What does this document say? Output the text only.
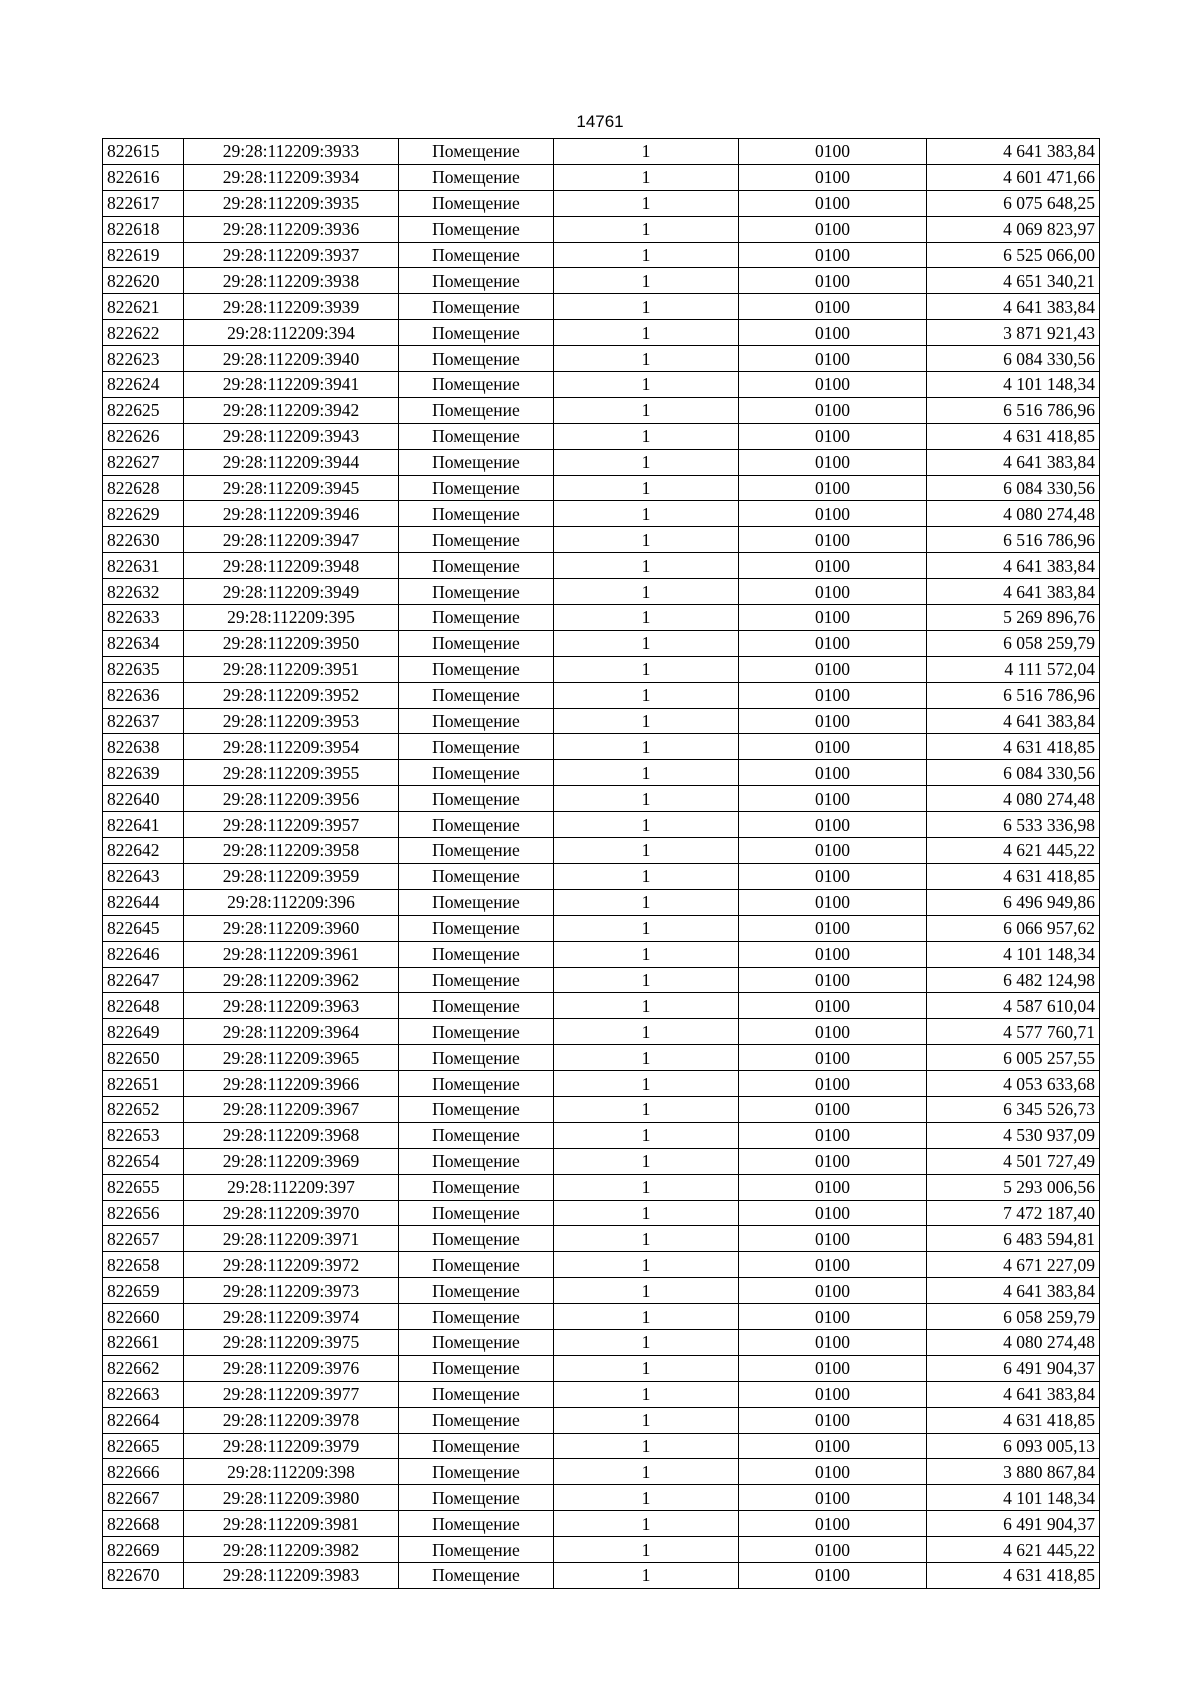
14761
822615	29:28:112209:3933	Помещение	1	0100	4 641 383,84
822616	29:28:112209:3934	Помещение	1	0100	4 601 471,66
822617	29:28:112209:3935	Помещение	1	0100	6 075 648,25
822618	29:28:112209:3936	Помещение	1	0100	4 069 823,97
822619	29:28:112209:3937	Помещение	1	0100	6 525 066,00
822620	29:28:112209:3938	Помещение	1	0100	4 651 340,21
822621	29:28:112209:3939	Помещение	1	0100	4 641 383,84
822622	29:28:112209:394	Помещение	1	0100	3 871 921,43
822623	29:28:112209:3940	Помещение	1	0100	6 084 330,56
822624	29:28:112209:3941	Помещение	1	0100	4 101 148,34
822625	29:28:112209:3942	Помещение	1	0100	6 516 786,96
822626	29:28:112209:3943	Помещение	1	0100	4 631 418,85
822627	29:28:112209:3944	Помещение	1	0100	4 641 383,84
822628	29:28:112209:3945	Помещение	1	0100	6 084 330,56
822629	29:28:112209:3946	Помещение	1	0100	4 080 274,48
822630	29:28:112209:3947	Помещение	1	0100	6 516 786,96
822631	29:28:112209:3948	Помещение	1	0100	4 641 383,84
822632	29:28:112209:3949	Помещение	1	0100	4 641 383,84
822633	29:28:112209:395	Помещение	1	0100	5 269 896,76
822634	29:28:112209:3950	Помещение	1	0100	6 058 259,79
822635	29:28:112209:3951	Помещение	1	0100	4 111 572,04
822636	29:28:112209:3952	Помещение	1	0100	6 516 786,96
822637	29:28:112209:3953	Помещение	1	0100	4 641 383,84
822638	29:28:112209:3954	Помещение	1	0100	4 631 418,85
822639	29:28:112209:3955	Помещение	1	0100	6 084 330,56
822640	29:28:112209:3956	Помещение	1	0100	4 080 274,48
822641	29:28:112209:3957	Помещение	1	0100	6 533 336,98
822642	29:28:112209:3958	Помещение	1	0100	4 621 445,22
822643	29:28:112209:3959	Помещение	1	0100	4 631 418,85
822644	29:28:112209:396	Помещение	1	0100	6 496 949,86
822645	29:28:112209:3960	Помещение	1	0100	6 066 957,62
822646	29:28:112209:3961	Помещение	1	0100	4 101 148,34
822647	29:28:112209:3962	Помещение	1	0100	6 482 124,98
822648	29:28:112209:3963	Помещение	1	0100	4 587 610,04
822649	29:28:112209:3964	Помещение	1	0100	4 577 760,71
822650	29:28:112209:3965	Помещение	1	0100	6 005 257,55
822651	29:28:112209:3966	Помещение	1	0100	4 053 633,68
822652	29:28:112209:3967	Помещение	1	0100	6 345 526,73
822653	29:28:112209:3968	Помещение	1	0100	4 530 937,09
822654	29:28:112209:3969	Помещение	1	0100	4 501 727,49
822655	29:28:112209:397	Помещение	1	0100	5 293 006,56
822656	29:28:112209:3970	Помещение	1	0100	7 472 187,40
822657	29:28:112209:3971	Помещение	1	0100	6 483 594,81
822658	29:28:112209:3972	Помещение	1	0100	4 671 227,09
822659	29:28:112209:3973	Помещение	1	0100	4 641 383,84
822660	29:28:112209:3974	Помещение	1	0100	6 058 259,79
822661	29:28:112209:3975	Помещение	1	0100	4 080 274,48
822662	29:28:112209:3976	Помещение	1	0100	6 491 904,37
822663	29:28:112209:3977	Помещение	1	0100	4 641 383,84
822664	29:28:112209:3978	Помещение	1	0100	4 631 418,85
822665	29:28:112209:3979	Помещение	1	0100	6 093 005,13
822666	29:28:112209:398	Помещение	1	0100	3 880 867,84
822667	29:28:112209:3980	Помещение	1	0100	4 101 148,34
822668	29:28:112209:3981	Помещение	1	0100	6 491 904,37
822669	29:28:112209:3982	Помещение	1	0100	4 621 445,22
822670	29:28:112209:3983	Помещение	1	0100	4 631 418,85
